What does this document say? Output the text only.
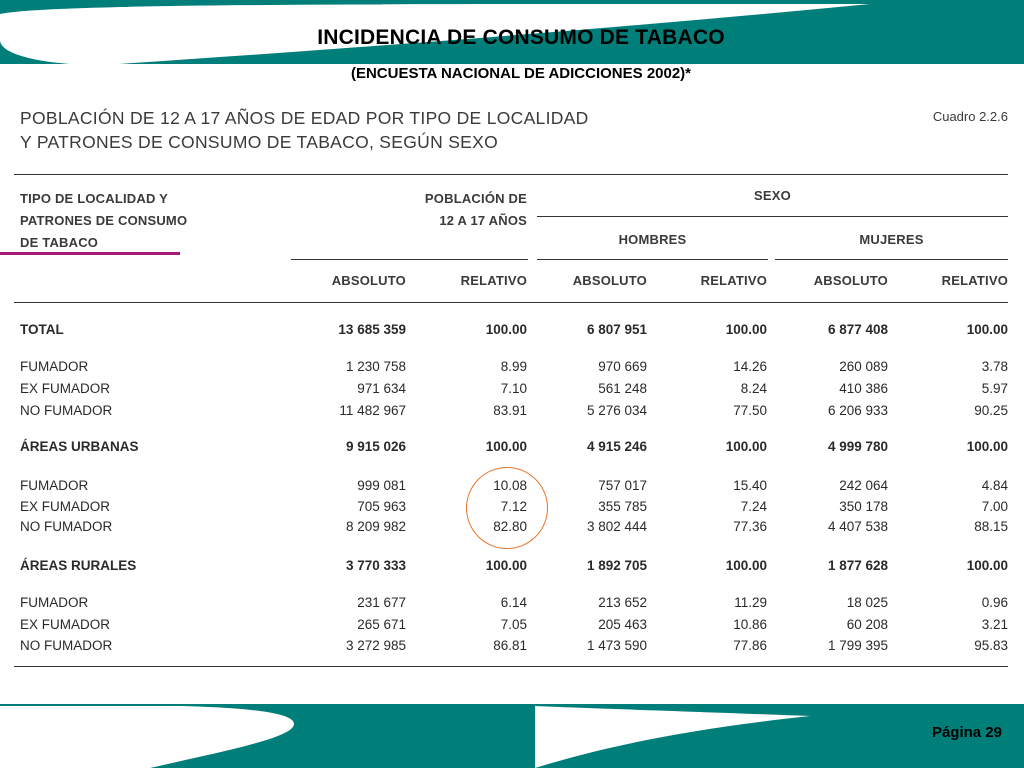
INCIDENCIA DE CONSUMO DE TABACO
(ENCUESTA NACIONAL DE ADICCIONES 2002)*
POBLACIÓN DE 12 A 17 AÑOS DE EDAD POR TIPO DE LOCALIDAD
Y PATRONES DE CONSUMO DE TABACO, SEGÚN SEXO
Cuadro 2.2.6
TIPO DE LOCALIDAD Y
PATRONES DE CONSUMO
DE TABACO
POBLACIÓN DE
12 A 17 AÑOS
SEXO
HOMBRES	MUJERES
ABSOLUTO	RELATIVO	ABSOLUTO	RELATIVO	ABSOLUTO	RELATIVO
TOTAL	13 685 359	100.00	6 807 951	100.00	6 877 408	100.00
FUMADOR	1 230 758	8.99	970 669	14.26	260 089	3.78
EX FUMADOR	971 634	7.10	561 248	8.24	410 386	5.97
NO FUMADOR	11 482 967	83.91	5 276 034	77.50	6 206 933	90.25
ÁREAS URBANAS	9 915 026	100.00	4 915 246	100.00	4 999 780	100.00
FUMADOR	999 081	10.08	757 017	15.40	242 064	4.84
EX FUMADOR	705 963	7.12	355 785	7.24	350 178	7.00
NO FUMADOR	8 209 982	82.80	3 802 444	77.36	4 407 538	88.15
ÁREAS RURALES	3 770 333	100.00	1 892 705	100.00	1 877 628	100.00
FUMADOR	231 677	6.14	213 652	11.29	18 025	0.96
EX FUMADOR	265 671	7.05	205 463	10.86	60 208	3.21
NO FUMADOR	3 272 985	86.81	1 473 590	77.86	1 799 395	95.83
Página 29
